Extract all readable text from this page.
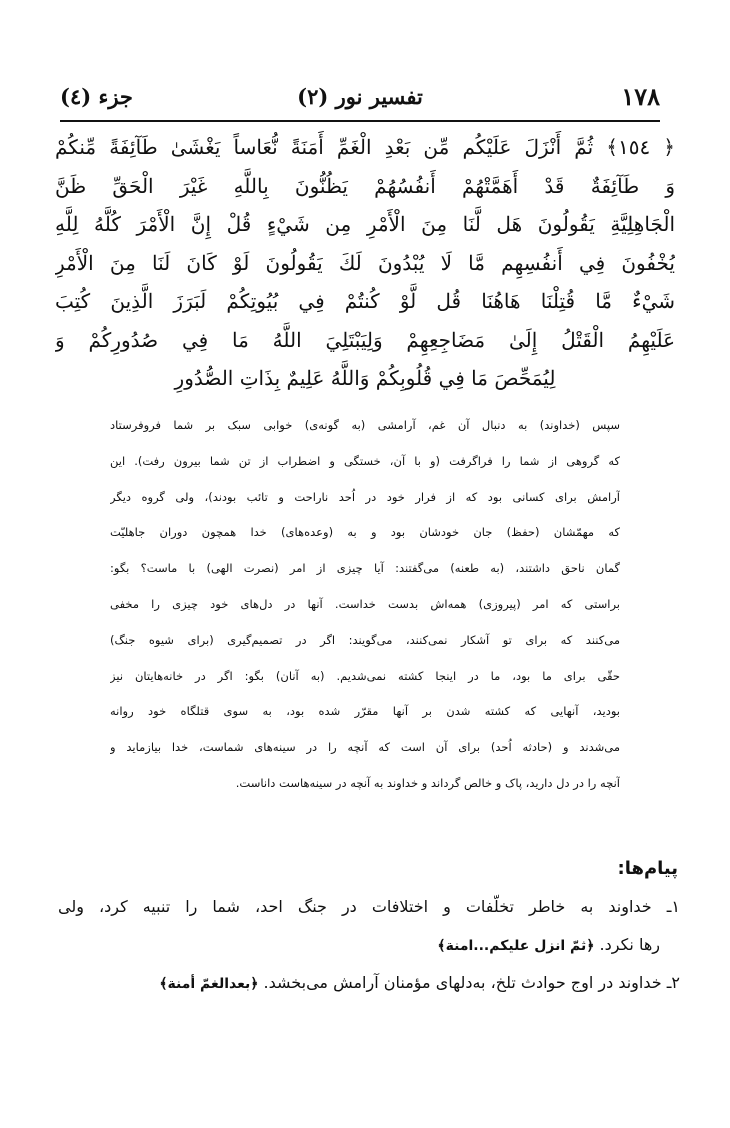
۱۷۸
تفسیر نور (۲)
جزء (٤)
﴿ ١٥٤﴾ ثُمَّ أَنْزَلَ عَلَيْكُم مِّن بَعْدِ الْغَمِّ أَمَنَةً نُّعَاساً يَغْشَىٰ طَآئِفَةً مِّنكُمْ
وَ طَآئِفَةٌ قَدْ أَهَمَّتْهُمْ أَنفُسُهُمْ يَظُنُّونَ بِاللَّهِ غَيْرَ الْحَقِّ ظَنَّ
الْجَاهِلِيَّةِ يَقُولُونَ هَل لَّنَا مِنَ الْأَمْرِ مِن شَيْءٍ قُلْ إِنَّ الْأَمْرَ كُلَّهُ لِلَّهِ
يُخْفُونَ فِي أَنفُسِهِم مَّا لَا يُبْدُونَ لَكَ يَقُولُونَ لَوْ كَانَ لَنَا مِنَ الْأَمْرِ
شَيْءٌ مَّا قُتِلْنَا هَاهُنَا قُل لَّوْ كُنتُمْ فِي بُيُوتِكُمْ لَبَرَزَ الَّذِينَ كُتِبَ
عَلَيْهِمُ الْقَتْلُ إِلَىٰ مَضَاجِعِهِمْ وَلِيَبْتَلِيَ اللَّهُ مَا فِي صُدُورِكُمْ وَ
لِيُمَحِّصَ مَا فِي قُلُوبِكُمْ وَاللَّهُ عَلِيمٌ بِذَاتِ الصُّدُورِ
سپس (خداوند) به دنبال آن غم، آرامشی (به گونه‌ی) خوابی سبک بر شما فروفرستاد
که گروهی از شما را فراگرفت (و با آن، خستگی و اضطراب از تن شما بیرون رفت). این
آرامش برای کسانی بود که از فرار خود در اُحد ناراحت و تائب بودند)، ولی گروه دیگر
که مهمّشان (حفظ) جان خودشان بود و به (وعده‌های) خدا همچون دوران جاهلیّت
گمان ناحق داشتند، (به طعنه) می‌گفتند: آیا چیزی از امر (نصرت الهی) با ماست؟ بگو:
براستی که امر (پیروزی) همه‌اش بدست خداست. آنها در دل‌های خود چیزی را مخفی
می‌کنند که برای تو آشکار نمی‌کنند، می‌گویند: اگر در تصمیم‌گیری (برای شیوه جنگ)
حقّی برای ما بود، ما در اینجا کشته نمی‌شدیم. (به آنان) بگو: اگر در خانه‌هایتان نیز
بودید، آنهایی که کشته شدن بر آنها مقرّر شده بود، به سوی قتلگاه خود روانه
می‌شدند و (حادثه اُحد) برای آن است که آنچه را در سینه‌های شماست، خدا بیازماید و
آنچه را در دل دارید، پاک و خالص گرداند و خداوند به آنچه در سینه‌هاست داناست.
پیام‌ها:
۱ـ خداوند به خاطر تخلّفات و اختلافات در جنگ احد، شما را تنبیه کرد، ولی
رها نکرد. ﴿ثمّ انزل علیکم...امنة﴾
۲ـ خداوند در اوج حوادث تلخ، به‌دلهای مؤمنان آرامش می‌بخشد. ﴿بعدالغمّ أمنة﴾
